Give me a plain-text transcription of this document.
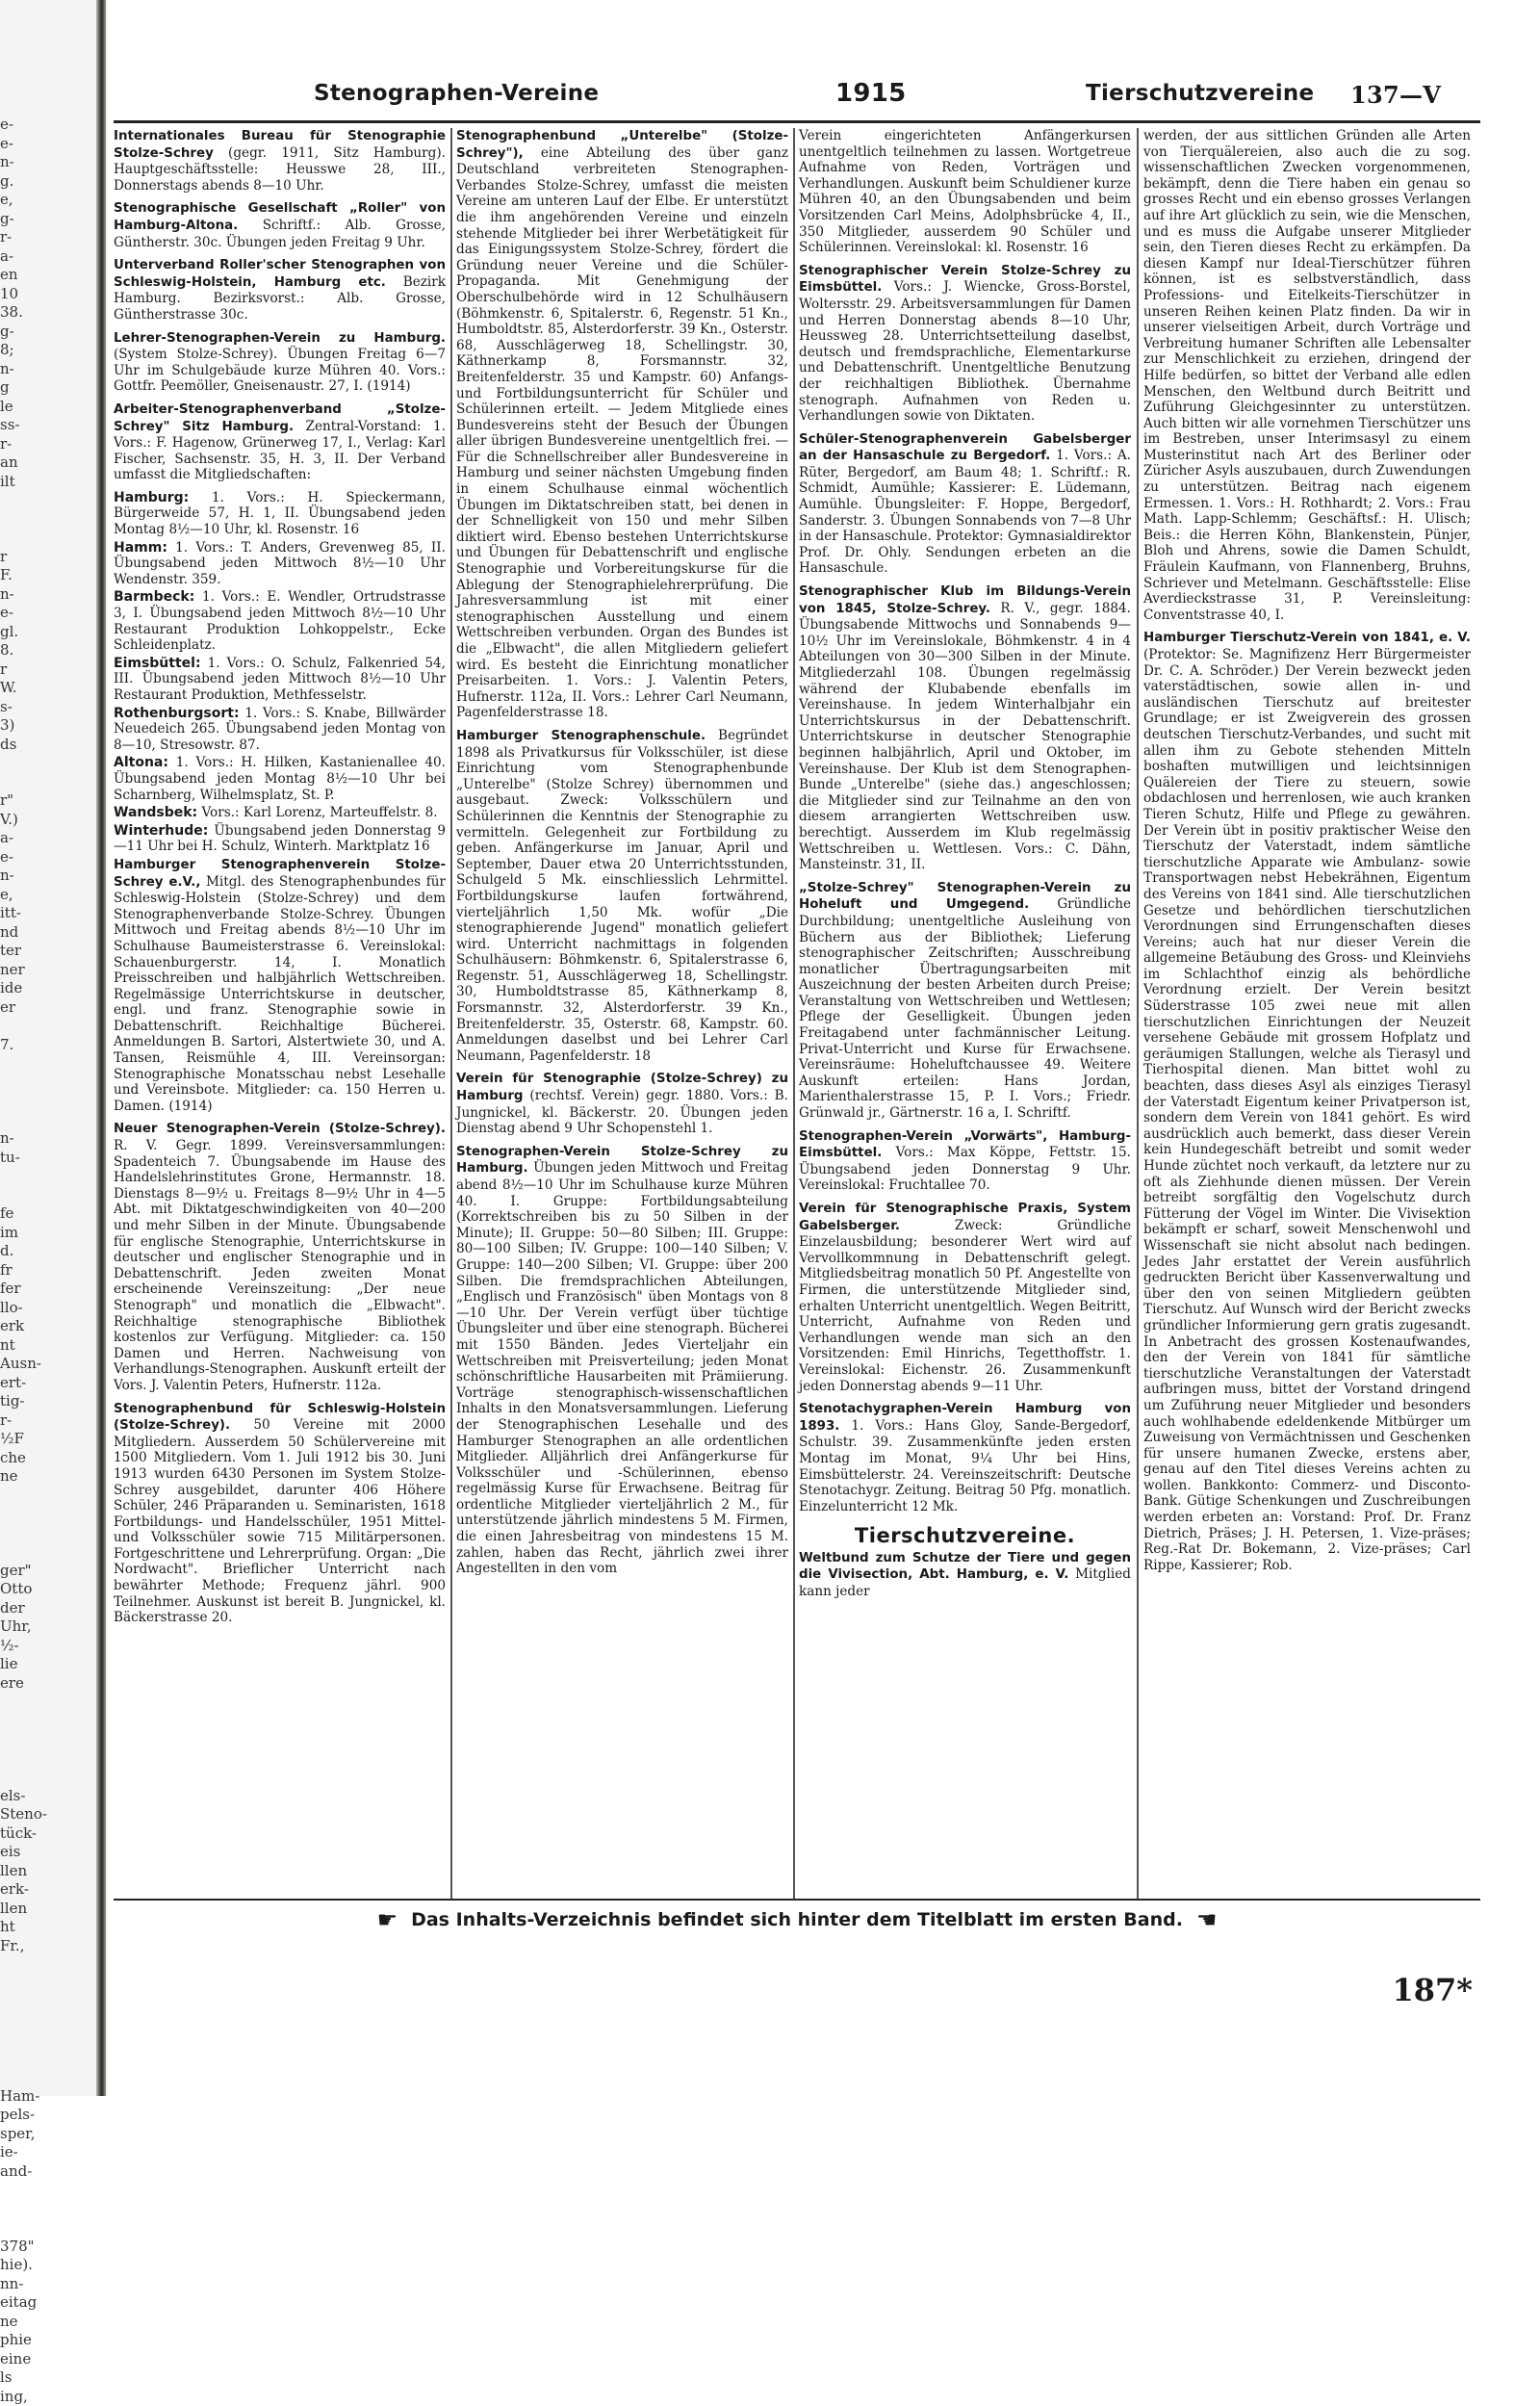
e-
e-
n-
g.
e,
g-
r-
a-
en
10
38.
g-
8;
n-
g
le
ss-
r-
an
ilt
r
F.
n-
e-
gl.
8.
r
W.
s-
3)
ds
r"
V.)
a-
e-
n-
e,
itt-
nd
ter
ner
ide
er
7.
n-
tu-
fe
im
d.
fr
fer
llo-
erk
nt
Ausn-
ert-
tig-
r-
½F
che
ne
ger"
Otto
der
Uhr,
½-
lie
ere
els-
Steno-
tück-
eis
llen
erk-
llen
ht
Fr.,
Ham-
pels-
sper,
ie-
and-
378"
hie).
nn-
eitag
ne
phie
eine
ls
ing,
Stenographen-Vereine	1915	Tierschutzvereine 137—V
Internationales Bureau für Stenographie Stolze-Schrey (gegr. 1911, Sitz Hamburg). Hauptgeschäftsstelle: Heusswe 28, III., Donnerstags abends 8—10 Uhr.
Stenographische Gesellschaft „Roller" von Hamburg-Altona. Schriftf.: Alb. Grosse, Güntherstr. 30c. Übungen jeden Freitag 9 Uhr.
Unterverband Roller'scher Stenographen von Schleswig-Holstein, Hamburg etc. Bezirk Hamburg. Bezirksvorst.: Alb. Grosse, Güntherstrasse 30c.
Lehrer-Stenographen-Verein zu Hamburg. (System Stolze-Schrey). Übungen Freitag 6—7 Uhr im Schulgebäude kurze Mühren 40. Vors.: Gottfr. Peemöller, Gneisenaustr. 27, I. (1914)
Arbeiter-Stenographenverband „Stolze-Schrey" Sitz Hamburg. Zentral-Vorstand: 1. Vors.: F. Hagenow, Grünerweg 17, I., Verlag: Karl Fischer, Sachsenstr. 35, H. 3, II. Der Verband umfasst die Mitgliedschaften:
Hamburg: 1. Vors.: H. Spieckermann, Bürgerweide 57, H. 1, II. Übungsabend jeden Montag 8½—10 Uhr, kl. Rosenstr. 16
Hamm: 1. Vors.: T. Anders, Grevenweg 85, II. Übungsabend jeden Mittwoch 8½—10 Uhr Wendenstr. 359.
Barmbeck: 1. Vors.: E. Wendler, Ortrudstrasse 3, I. Übungsabend jeden Mittwoch 8½—10 Uhr Restaurant Produktion Lohkoppelstr., Ecke Schleidenplatz.
Eimsbüttel: 1. Vors.: O. Schulz, Falkenried 54, III. Übungsabend jeden Mittwoch 8½—10 Uhr Restaurant Produktion, Methfesselstr.
Rothenburgsort: 1. Vors.: S. Knabe, Billwärder Neuedeich 265. Übungsabend jeden Montag von 8—10, Stresowstr. 87.
Altona: 1. Vors.: H. Hilken, Kastanienallee 40. Übungsabend jeden Montag 8½—10 Uhr bei Scharnberg, Wilhelmsplatz, St. P.
Wandsbek: Vors.: Karl Lorenz, Marteuffelstr. 8.
Winterhude: Übungsabend jeden Donnerstag 9—11 Uhr bei H. Schulz, Winterh. Marktplatz 16
Hamburger Stenographenverein Stolze-Schrey e.V., Mitgl. des Stenographenbundes für Schleswig-Holstein (Stolze-Schrey) und dem Stenographenverbande Stolze-Schrey. Übungen Mittwoch und Freitag abends 8½—10 Uhr im Schulhause Baumeisterstrasse 6. Vereinslokal: Schauenburgerstr. 14, I. Monatlich Preisschreiben und halbjährlich Wettschreiben. Regelmässige Unterrichtskurse in deutscher, engl. und franz. Stenographie sowie in Debattenschrift. Reichhaltige Bücherei. Anmeldungen B. Sartori, Alstertwiete 30, und A. Tansen, Reismühle 4, III. Vereinsorgan: Stenographische Monatsschau nebst Lesehalle und Vereinsbote. Mitglieder: ca. 150 Herren u. Damen. (1914)
Neuer Stenographen-Verein (Stolze-Schrey). R. V. Gegr. 1899. Vereinsversammlungen: Spadenteich 7. Übungsabende im Hause des Handelslehrinstitutes Grone, Hermannstr. 18. Dienstags 8—9½ u. Freitags 8—9½ Uhr in 4—5 Abt. mit Diktatgeschwindigkeiten von 40—200 und mehr Silben in der Minute. Übungsabende für englische Stenographie, Unterrichtskurse in deutscher und englischer Stenographie und in Debattenschrift. Jeden zweiten Monat erscheinende Vereinszeitung: „Der neue Stenograph" und monatlich die „Elbwacht". Reichhaltige stenographische Bibliothek kostenlos zur Verfügung. Mitglieder: ca. 150 Damen und Herren. Nachweisung von Verhandlungs-Stenographen. Auskunft erteilt der Vors. J. Valentin Peters, Hufnerstr. 112a.
Stenographenbund für Schleswig-Holstein (Stolze-Schrey). 50 Vereine mit 2000 Mitgliedern. Ausserdem 50 Schülervereine mit 1500 Mitgliedern. Vom 1. Juli 1912 bis 30. Juni 1913 wurden 6430 Personen im System Stolze-Schrey ausgebildet, darunter 406 Höhere Schüler, 246 Präparanden u. Seminaristen, 1618 Fortbildungs- und Handelsschüler, 1951 Mittel- und Volksschüler sowie 715 Militärpersonen. Fortgeschrittene und Lehrerprüfung. Organ: „Die Nordwacht". Brieflicher Unterricht nach bewährter Methode; Frequenz jährl. 900 Teilnehmer. Auskunst ist bereit B. Jungnickel, kl. Bäckerstrasse 20.
Stenographenbund „Unterelbe" (Stolze-Schrey"), eine Abteilung des über ganz Deutschland verbreiteten Stenographen-Verbandes Stolze-Schrey, umfasst die meisten Vereine am unteren Lauf der Elbe. Er unterstützt die ihm angehörenden Vereine und einzeln stehende Mitglieder bei ihrer Werbetätigkeit für das Einigungssystem Stolze-Schrey, fördert die Gründung neuer Vereine und die Schüler-Propaganda. Mit Genehmigung der Oberschulbehörde wird in 12 Schulhäusern (Böhmkenstr. 6, Spitalerstr. 6, Regenstr. 51 Kn., Humboldtstr. 85, Alsterdorferstr. 39 Kn., Osterstr. 68, Ausschlägerweg 18, Schellingstr. 30, Käthnerkamp 8, Forsmannstr. 32, Breitenfelderstr. 35 und Kampstr. 60) Anfangs- und Fortbildungsunterricht für Schüler und Schülerinnen erteilt. — Jedem Mitgliede eines Bundesvereins steht der Besuch der Übungen aller übrigen Bundesvereine unentgeltlich frei. — Für die Schnellschreiber aller Bundesvereine in Hamburg und seiner nächsten Umgebung finden in einem Schulhause einmal wöchentlich Übungen im Diktatschreiben statt, bei denen in der Schnelligkeit von 150 und mehr Silben diktiert wird. Ebenso bestehen Unterrichtskurse und Übungen für Debattenschrift und englische Stenographie und Vorbereitungskurse für die Ablegung der Stenographielehrerprüfung. Die Jahresversammlung ist mit einer stenographischen Ausstellung und einem Wettschreiben verbunden. Organ des Bundes ist die „Elbwacht", die allen Mitgliedern geliefert wird. Es besteht die Einrichtung monatlicher Preisarbeiten. 1. Vors.: J. Valentin Peters, Hufnerstr. 112a, II. Vors.: Lehrer Carl Neumann, Pagenfelderstrasse 18.
Hamburger Stenographenschule. Begründet 1898 als Privatkursus für Volksschüler, ist diese Einrichtung vom Stenographenbunde „Unterelbe" (Stolze Schrey) übernommen und ausgebaut. Zweck: Volksschülern und Schülerinnen die Kenntnis der Stenographie zu vermitteln. Gelegenheit zur Fortbildung zu geben. Anfängerkurse im Januar, April und September, Dauer etwa 20 Unterrichtsstunden, Schulgeld 5 Mk. einschliesslich Lehrmittel. Fortbildungskurse laufen fortwährend, vierteljährlich 1,50 Mk. wofür „Die stenographierende Jugend" monatlich geliefert wird. Unterricht nachmittags in folgenden Schulhäusern: Böhmkenstr. 6, Spitalerstrasse 6, Regenstr. 51, Ausschlägerweg 18, Schellingstr. 30, Humboldtstrasse 85, Käthnerkamp 8, Forsmannstr. 32, Alsterdorferstr. 39 Kn., Breitenfelderstr. 35, Osterstr. 68, Kampstr. 60. Anmeldungen daselbst und bei Lehrer Carl Neumann, Pagenfelderstr. 18
Verein für Stenographie (Stolze-Schrey) zu Hamburg (rechtsf. Verein) gegr. 1880. Vors.: B. Jungnickel, kl. Bäckerstr. 20. Übungen jeden Dienstag abend 9 Uhr Schopenstehl 1.
Stenographen-Verein Stolze-Schrey zu Hamburg. Übungen jeden Mittwoch und Freitag abend 8½—10 Uhr im Schulhause kurze Mühren 40. I. Gruppe: Fortbildungsabteilung (Korrektschreiben bis zu 50 Silben in der Minute); II. Gruppe: 50—80 Silben; III. Gruppe: 80—100 Silben; IV. Gruppe: 100—140 Silben; V. Gruppe: 140—200 Silben; VI. Gruppe: über 200 Silben. Die fremdsprachlichen Abteilungen, „Englisch und Französisch" üben Montags von 8—10 Uhr. Der Verein verfügt über tüchtige Übungsleiter und über eine stenograph. Bücherei mit 1550 Bänden. Jedes Vierteljahr ein Wettschreiben mit Preisverteilung; jeden Monat schönschriftliche Hausarbeiten mit Prämiierung. Vorträge stenographisch-wissenschaftlichen Inhalts in den Monatsversammlungen. Lieferung der Stenographischen Lesehalle und des Hamburger Stenographen an alle ordentlichen Mitglieder. Alljährlich drei Anfängerkurse für Volksschüler und -Schülerinnen, ebenso regelmässig Kurse für Erwachsene. Beitrag für ordentliche Mitglieder vierteljährlich 2 M., für unterstützende jährlich mindestens 5 M. Firmen, die einen Jahresbeitrag von mindestens 15 M. zahlen, haben das Recht, jährlich zwei ihrer Angestellten in den vom
Verein eingerichteten Anfängerkursen unentgeltlich teilnehmen zu lassen. Wortgetreue Aufnahme von Reden, Vorträgen und Verhandlungen. Auskunft beim Schuldiener kurze Mühren 40, an den Übungsabenden und beim Vorsitzenden Carl Meins, Adolphsbrücke 4, II., 350 Mitglieder, ausserdem 90 Schüler und Schülerinnen. Vereinslokal: kl. Rosenstr. 16
Stenographischer Verein Stolze-Schrey zu Eimsbüttel. Vors.: J. Wiencke, Gross-Borstel, Woltersstr. 29. Arbeitsversammlungen für Damen und Herren Donnerstag abends 8—10 Uhr, Heussweg 28. Unterrichtsetteilung daselbst, deutsch und fremdsprachliche, Elementarkurse und Debattenschrift. Unentgeltliche Benutzung der reichhaltigen Bibliothek. Übernahme stenograph. Aufnahmen von Reden u. Verhandlungen sowie von Diktaten.
Schüler-Stenographenverein Gabelsberger an der Hansaschule zu Bergedorf. 1. Vors.: A. Rüter, Bergedorf, am Baum 48; 1. Schriftf.: R. Schmidt, Aumühle; Kassierer: E. Lüdemann, Aumühle. Übungsleiter: F. Hoppe, Bergedorf, Sanderstr. 3. Übungen Sonnabends von 7—8 Uhr in der Hansaschule. Protektor: Gymnasialdirektor Prof. Dr. Ohly. Sendungen erbeten an die Hansaschule.
Stenographischer Klub im Bildungs-Verein von 1845, Stolze-Schrey. R. V., gegr. 1884. Übungsabende Mittwochs und Sonnabends 9—10½ Uhr im Vereinslokale, Böhmkenstr. 4 in 4 Abteilungen von 30—300 Silben in der Minute. Mitgliederzahl 108. Übungen regelmässig während der Klubabende ebenfalls im Vereinshause. In jedem Winterhalbjahr ein Unterrichtskursus in der Debattenschrift. Unterrichtskurse in deutscher Stenographie beginnen halbjährlich, April und Oktober, im Vereinshause. Der Klub ist dem Stenographen-Bunde „Unterelbe" (siehe das.) angeschlossen; die Mitglieder sind zur Teilnahme an den von diesem arrangierten Wettschreiben usw. berechtigt. Ausserdem im Klub regelmässig Wettschreiben u. Wettlesen. Vors.: C. Dähn, Mansteinstr. 31, II.
„Stolze-Schrey" Stenographen-Verein zu Hoheluft und Umgegend. Gründliche Durchbildung; unentgeltliche Ausleihung von Büchern aus der Bibliothek; Lieferung stenographischer Zeitschriften; Ausschreibung monatlicher Übertragungsarbeiten mit Auszeichnung der besten Arbeiten durch Preise; Veranstaltung von Wettschreiben und Wettlesen; Pflege der Geselligkeit. Übungen jeden Freitagabend unter fachmännischer Leitung. Privat-Unterricht und Kurse für Erwachsene. Vereinsräume: Hoheluftchaussee 49. Weitere Auskunft erteilen: Hans Jordan, Marienthalerstrasse 15, P. I. Vors.; Friedr. Grünwald jr., Gärtnerstr. 16 a, I. Schriftf.
Stenographen-Verein „Vorwärts", Hamburg-Eimsbüttel. Vors.: Max Köppe, Fettstr. 15. Übungsabend jeden Donnerstag 9 Uhr. Vereinslokal: Fruchtallee 70.
Verein für Stenographische Praxis, System Gabelsberger.	Zweck: Gründliche Einzelausbildung; besonderer Wert wird auf Vervollkommnung in Debattenschrift gelegt. Mitgliedsbeitrag monatlich 50 Pf. Angestellte von Firmen, die unterstützende Mitglieder sind, erhalten Unterricht unentgeltlich. Wegen Beitritt, Unterricht, Aufnahme von Reden und Verhandlungen wende man sich an den Vorsitzenden: Emil Hinrichs, Tegetthoffstr. 1. Vereinslokal: Eichenstr. 26. Zusammenkunft jeden Donnerstag abends 9—11 Uhr.
Stenotachygraphen-Verein Hamburg von 1893. 1. Vors.: Hans Gloy, Sande-Bergedorf, Schulstr. 39. Zusammenkünfte jeden ersten Montag im Monat, 9¼ Uhr bei Hins, Eimsbüttelerstr. 24. Vereinszeitschrift: Deutsche Stenotachygr. Zeitung. Beitrag 50 Pfg. monatlich. Einzelunterricht 12 Mk.
Tierschutzvereine.
Weltbund zum Schutze der Tiere und gegen die Vivisection, Abt. Hamburg, e. V. Mitglied kann jeder
werden, der aus sittlichen Gründen alle Arten von Tierquälereien, also auch die zu sog. wissenschaftlichen Zwecken vorgenommenen, bekämpft, denn die Tiere haben ein genau so grosses Recht und ein ebenso grosses Verlangen auf ihre Art glücklich zu sein, wie die Menschen, und es muss die Aufgabe unserer Mitglieder sein, den Tieren dieses Recht zu erkämpfen. Da diesen Kampf nur Ideal-Tierschützer führen können, ist es selbstverständlich, dass Professions- und Eitelkeits-Tierschützer in unseren Reihen keinen Platz finden. Da wir in unserer vielseitigen Arbeit, durch Vorträge und Verbreitung humaner Schriften alle Lebensalter zur Menschlichkeit zu erziehen, dringend der Hilfe bedürfen, so bittet der Verband alle edlen Menschen, den Weltbund durch Beitritt und Zuführung Gleichgesinnter zu unterstützen. Auch bitten wir alle vornehmen Tierschützer uns im Bestreben, unser Interimsasyl zu einem Musterinstitut nach Art des Berliner oder Züricher Asyls auszubauen, durch Zuwendungen zu unterstützen. Beitrag nach eigenem Ermessen. 1. Vors.: H. Rothhardt; 2. Vors.: Frau Math. Lapp-Schlemm; Geschäftsf.: H. Ulisch; Beis.: die Herren Köhn, Blankenstein, Pünjer, Bloh und Ahrens, sowie die Damen Schuldt, Fräulein Kaufmann, von Flannenberg, Bruhns, Schriever und Metelmann. Geschäftsstelle: Elise Averdieckstrasse 31, P. Vereinsleitung: Conventstrasse 40, I.
Hamburger Tierschutz-Verein von 1841, e. V. (Protektor: Se. Magnifizenz Herr Bürgermeister Dr. C. A. Schröder.) Der Verein bezweckt jeden vaterstädtischen, sowie allen in- und ausländischen Tierschutz auf breitester Grundlage; er ist Zweigverein des grossen deutschen Tierschutz-Verbandes, und sucht mit allen ihm zu Gebote stehenden Mitteln boshaften mutwilligen und leichtsinnigen Quälereien der Tiere zu steuern, sowie obdachlosen und herrenlosen, wie auch kranken Tieren Schutz, Hilfe und Pflege zu gewähren. Der Verein übt in positiv praktischer Weise den Tierschutz der Vaterstadt, indem sämtliche tierschutzliche Apparate wie Ambulanz- sowie Transportwagen nebst Hebekrähnen, Eigentum des Vereins von 1841 sind. Alle tierschutzlichen Gesetze und behördlichen tierschutzlichen Verordnungen sind Errungenschaften dieses Vereins; auch hat nur dieser Verein die allgemeine Betäubung des Gross- und Kleinviehs im Schlachthof einzig als behördliche Verordnung erzielt. Der Verein besitzt Süderstrasse 105 zwei neue mit allen tierschutzlichen Einrichtungen der Neuzeit versehene Gebäude mit grossem Hofplatz und geräumigen Stallungen, welche als Tierasyl und Tierhospital dienen. Man bittet wohl zu beachten, dass dieses Asyl als einziges Tierasyl der Vaterstadt Eigentum keiner Privatperson ist, sondern dem Verein von 1841 gehört. Es wird ausdrücklich auch bemerkt, dass dieser Verein kein Hundegeschäft betreibt und somit weder Hunde züchtet noch verkauft, da letztere nur zu oft als Ziehhunde dienen müssen. Der Verein betreibt sorgfältig den Vogelschutz durch Fütterung der Vögel im Winter. Die Vivisektion bekämpft er scharf, soweit Menschenwohl und Wissenschaft sie nicht absolut nach bedingen. Jedes Jahr erstattet der Verein ausführlich gedruckten Bericht über Kassenverwaltung und über den von seinen Mitgliedern geübten Tierschutz. Auf Wunsch wird der Bericht zwecks gründlicher Informierung gern gratis zugesandt. In Anbetracht des grossen Kostenaufwandes, den der Verein von 1841 für sämtliche tierschutzliche Veranstaltungen der Vaterstadt aufbringen muss, bittet der Vorstand dringend um Zuführung neuer Mitglieder und besonders auch wohlhabende edeldenkende Mitbürger um Zuweisung von Vermächtnissen und Geschenken für unsere humanen Zwecke, erstens aber, genau auf den Titel dieses Vereins achten zu wollen. Bankkonto: Commerz- und Disconto-Bank. Gütige Schenkungen und Zuschreibungen werden erbeten an: Vorstand: Prof. Dr. Franz Dietrich, Präses; J. H. Petersen, 1. Vize-präses; Reg.-Rat Dr. Bokemann, 2. Vize-präses; Carl Rippe, Kassierer; Rob.
☛ Das Inhalts-Verzeichnis befindet sich hinter dem Titelblatt im ersten Band. ☛
187*
